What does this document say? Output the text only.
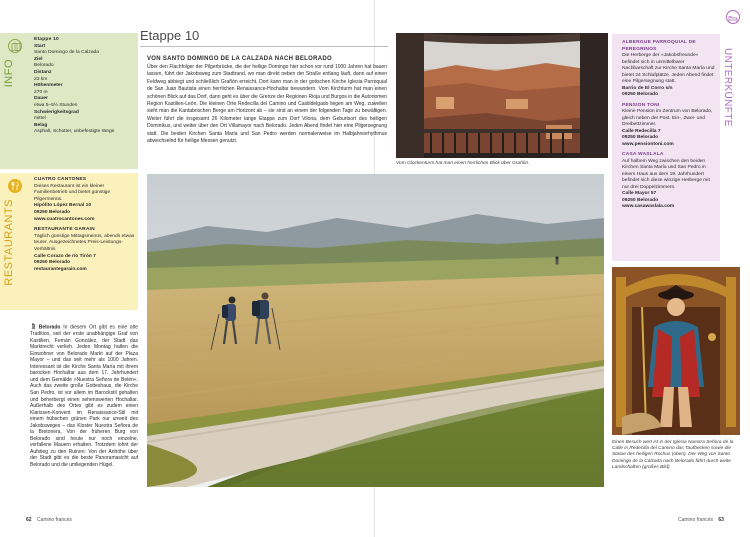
INFO
Etappe 10
Start
Santo Domingo de la Calzada
Ziel
Belorado
Distanz
23 km
Höhenmeter
270 m
Dauer
etwa 5–5½ Stunden
Schwierigkeitsgrad
mittel
Belag
Asphalt, Schotter, unbefestigte Wege
RESTAURANTS
CUATRO CANTONES
Dieses Restaurant ist ein kleiner Familienbetrieb und bietet günstige Pilgermenüs.
Hipólito López Bernal 10
09250 Belorado
www.cuatrocantones.com
RESTAURANTE GARAIN
Täglich günstige Mittagsmenüs, abends etwas teurer. Ausgezeichnetes Preis-Leistungs-Verhältnis
Calle Corazo de río Tirón 7
09250 Belorado
restaurantegarain.com
Belorado In diesem Ort gibt es eine alte Tradition, seit der erste unabhängige Graf von Kastilien, Fernán González, der Stadt das Marktrecht verlieh. Jeden Montag halten die Einwohner von Belorado Markt auf der Plaza Mayor – und das seit mehr als 1000 Jahren. Interessant ist die Kirche Santa María mit ihrem barocken Hochaltar aus dem 17. Jahrhundert und dem Gemälde »Nuestra Señora de Belén«. Auch das zweite große Gotteshaus, die Kirche San Pedro, ist vor allem im Barockstil gehalten und beherbergt einen sehenswerten Hochaltar. Außerhalb des Ortes gibt es zudem einen Klarissen-Konvent im Renaissance-Stil mit einem hübschen grünen Park nur unweit des Jakobsweges – das Kloster Nuestra Señora de la Bretonera. Von der früheren Burg von Belorado sind heute nur noch einzelne, verfallene Mauern erhalten. Trotzdem lohnt der Aufstieg zu den Ruinen: Von der Anhöhe über der Stadt gibt es die beste Panoramasicht auf Belorado und die umliegenden Hügel.
Etappe 10
VON SANTO DOMINGO DE LA CALZADA NACH BELORADO
Über den Flachfolger der Pilgerbrücke, die der heilige Domingo hier schon vor rund 1000 Jahren hat bauen lassen, führt der Jakobsweg zum Stadtrand, wo man direkt neben der Straße entlang läuft, dann auf einen Feldweg abbiegt und schließlich Grañón erreicht. Dort kann man in der gotischen Kirche Iglesia Parroquial de San Juan Bautista einen herrlichen Renaissance-Hochaltar bewundern. Vom Kirchturm hat man einen schönen Blick auf das Dorf, dann geht es über die Grenze der Regionen Rioja und Burgos in die Autonomen Region Kastilien-León. Die kleinen Orte Redecilla del Camino und Castildelgado liegen am Weg, zuweilen sieht man die Kantabrischen Berge am Horizont ab – sie sind an einem der folgenden Tage zu bewältigen. Weiter führt die insgesamt 26 Kilometer lange Etappe zum Dorf Viloria, dem Geburtsort des heiligen Dominikus, und weiter über den Ort Villamayor nach Belorado. Jeden Abend findet hier eine Pilgersegnung statt. Die beiden Kirchen Santa María und San Pedro werden normalerweise im Halbjahresrhythmus abwechselnd für heilige Messen genutzt.
Vom Glockenturm hat man einen herrlichen Blick über Grañón.
ALBERGUE PARROQUIAL DE PEREGRINOS
Die Herberge der »Jakobsfreunde« befindet sich in unmittelbarer Nachbarschaft zur Kirche Santa María und bietet 24 Schlafplätze. Jeden Abend findet eine Pilgersegnung statt.
Barrio de El Corro s/n
09250 Belorado
PENSION TONI
Kleine Pension im Zentrum von Belorado, gleich neben der Post. Ein-, Zwei- und Dreibettzimmer.
Calle Redecilla 7
09250 Belorado
www.pensiontoni.com
CASA WASLALA
Auf halbem Weg zwischen den beiden Kirchen Santa María und San Pedro in einem Haus aus dem 19. Jahrhundert befindet sich diese winzige Herberge mit nur drei Doppelzimmern.
Calle Mayor 57
09250 Belorado
www.casawaslala.com
UNTERKÜNFTE
Einen Besuch wert ist in der Iglesia Nuestra Señora de la Calle in Redecilla del Camino das Taufbecken sowie die Statue des heiligen Rochus (oben). Der Weg von Santo Domingo de la Calzada nach Belorado führt durch weite Landschaften (großes Bild).
62 Camino francés	Camino francés 63
